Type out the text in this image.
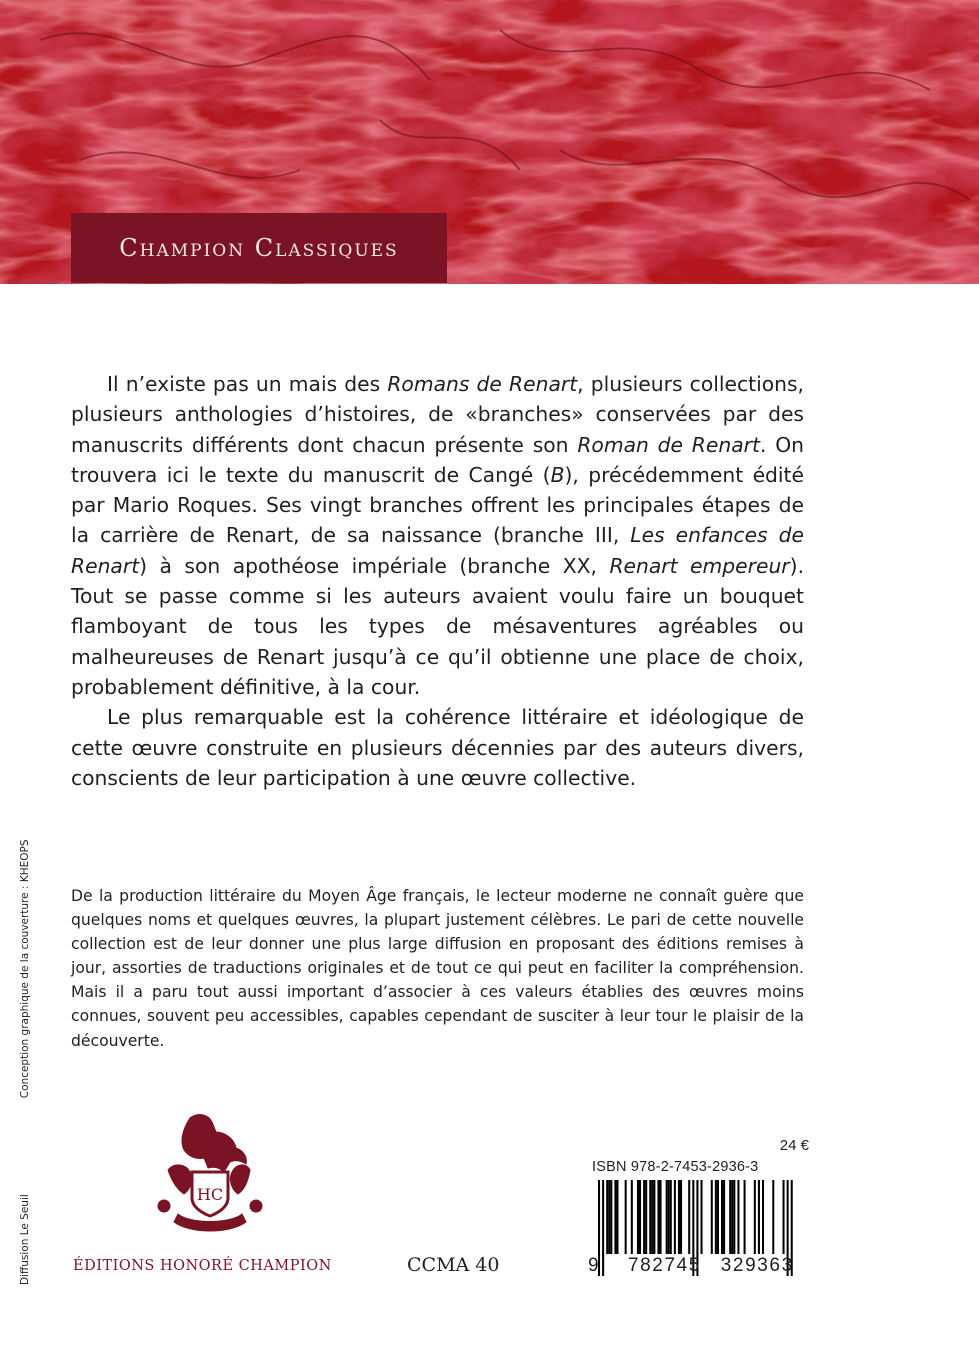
Champion Classiques

Il n’existe pas un mais des Romans de Renart, plusieurs collections, plusieurs anthologies d’histoires, de «branches» conservées par des manuscrits différents dont chacun présente son Roman de Renart. On trouvera ici le texte du manuscrit de Cangé (B), précédemment édité par Mario Roques. Ses vingt branches offrent les principales étapes de la carrière de Renart, de sa naissance (branche III, Les enfances de Renart) à son apothéose impériale (branche XX, Renart empereur). Tout se passe comme si les auteurs avaient voulu faire un bouquet flamboyant de tous les types de mésaventures agréables ou malheureuses de Renart jusqu’à ce qu’il obtienne une place de choix, probablement définitive, à la cour.

Le plus remarquable est la cohérence littéraire et idéologique de cette œuvre construite en plusieurs décennies par des auteurs divers, conscients de leur participation à une œuvre collective.

De la production littéraire du Moyen Âge français, le lecteur moderne ne connaît guère que quelques noms et quelques œuvres, la plupart justement célèbres. Le pari de cette nouvelle collection est de leur donner une plus large diffusion en proposant des éditions remises à jour, assorties de traductions originales et de tout ce qui peut en faciliter la compréhension. Mais il a paru tout aussi important d’associer à ces valeurs établies des œuvres moins connues, souvent peu accessibles, capables cependant de susciter à leur tour le plaisir de la découverte.

Diffusion Le SeuilConception graphique de la couverture : KHEOPS
HC
ÉDITIONS HONORÉ CHAMPION	CCMA 40
24 €
ISBN 978-2-7453-2936-3
9 782745 329363
